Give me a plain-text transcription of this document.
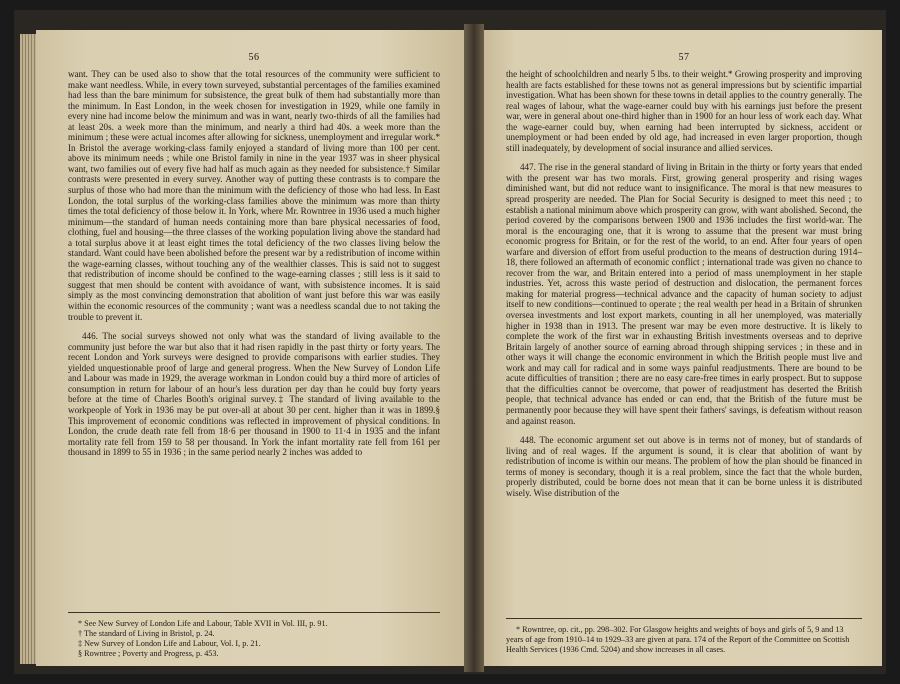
56

want. They can be used also to show that the total resources of the community were sufficient to make want needless. While, in every town surveyed, substantial percentages of the families examined had less than the bare minimum for subsistence, the great bulk of them had substantially more than the minimum. In East London, in the week chosen for investigation in 1929, while one family in every nine had income below the minimum and was in want, nearly two-thirds of all the families had at least 20s. a week more than the minimum, and nearly a third had 40s. a week more than the minimum ; these were actual incomes after allowing for sickness, unemployment and irregular work.* In Bristol the average working-class family enjoyed a standard of living more than 100 per cent. above its minimum needs ; while one Bristol family in nine in the year 1937 was in sheer physical want, two families out of every five had half as much again as they needed for subsistence.† Similar contrasts were presented in every survey. Another way of putting these contrasts is to compare the surplus of those who had more than the minimum with the deficiency of those who had less. In East London, the total surplus of the working-class families above the minimum was more than thirty times the total deficiency of those below it. In York, where Mr. Rowntree in 1936 used a much higher minimum—the standard of human needs containing more than bare physical necessaries of food, clothing, fuel and housing—the three classes of the working population living above the standard had a total surplus above it at least eight times the total deficiency of the two classes living below the standard. Want could have been abolished before the present war by a redistribution of income within the wage-earning classes, without touching any of the wealthier classes. This is said not to suggest that redistribution of income should be confined to the wage-earning classes ; still less is it said to suggest that men should be content with avoidance of want, with subsistence incomes. It is said simply as the most convincing demonstration that abolition of want just before this war was easily within the economic resources of the community ; want was a needless scandal due to not taking the trouble to prevent it.

446. The social surveys showed not only what was the standard of living available to the community just before the war but also that it had risen rapidly in the past thirty or forty years. The recent London and York surveys were designed to provide comparisons with earlier studies. They yielded unquestionable proof of large and general progress. When the New Survey of London Life and Labour was made in 1929, the average workman in London could buy a third more of articles of consumption in return for labour of an hour's less duration per day than he could buy forty years before at the time of Charles Booth's original survey.‡ The standard of living available to the workpeople of York in 1936 may be put over-all at about 30 per cent. higher than it was in 1899.§ This improvement of economic conditions was reflected in improvement of physical conditions. In London, the crude death rate fell from 18·6 per thousand in 1900 to 11·4 in 1935 and the infant mortality rate fell from 159 to 58 per thousand. In York the infant mortality rate fell from 161 per thousand in 1899 to 55 in 1936 ; in the same period nearly 2 inches was added to

* See New Survey of London Life and Labour, Table XVII in Vol. III, p. 91.

† The standard of Living in Bristol, p. 24.

‡ New Survey of London Life and Labour, Vol. I, p. 21.

§ Rowntree ; Poverty and Progress, p. 453.

57

the height of schoolchildren and nearly 5 lbs. to their weight.* Growing prosperity and improving health are facts established for these towns not as general impressions but by scientific impartial investigation. What has been shown for these towns in detail applies to the country generally. The real wages of labour, what the wage-earner could buy with his earnings just before the present war, were in general about one-third higher than in 1900 for an hour less of work each day. What the wage-earner could buy, when earning had been interrupted by sickness, accident or unemployment or had been ended by old age, had increased in even larger proportion, though still inadequately, by development of social insurance and allied services.

447. The rise in the general standard of living in Britain in the thirty or forty years that ended with the present war has two morals. First, growing general prosperity and rising wages diminished want, but did not reduce want to insignificance. The moral is that new measures to spread prosperity are needed. The Plan for Social Security is designed to meet this need ; to establish a national minimum above which prosperity can grow, with want abolished. Second, the period covered by the comparisons between 1900 and 1936 includes the first world-war. The moral is the encouraging one, that it is wrong to assume that the present war must bring economic progress for Britain, or for the rest of the world, to an end. After four years of open warfare and diversion of effort from useful production to the means of destruction during 1914–18, there followed an aftermath of economic conflict ; international trade was given no chance to recover from the war, and Britain entered into a period of mass unemployment in her staple industries. Yet, across this waste period of destruction and dislocation, the permanent forces making for material progress—technical advance and the capacity of human society to adjust itself to new conditions—continued to operate ; the real wealth per head in a Britain of shrunken oversea investments and lost export markets, counting in all her unemployed, was materially higher in 1938 than in 1913. The present war may be even more destructive. It is likely to complete the work of the first war in exhausting British investments overseas and to deprive Britain largely of another source of earning abroad through shipping services ; in these and in other ways it will change the economic environment in which the British people must live and work and may call for radical and in some ways painful readjustments. There are bound to be acute difficulties of transition ; there are no easy care-free times in early prospect. But to suppose that the difficulties cannot be overcome, that power of readjustment has deserted the British people, that technical advance has ended or can end, that the British of the future must be permanently poor because they will have spent their fathers' savings, is defeatism without reason and against reason.

448. The economic argument set out above is in terms not of money, but of standards of living and of real wages. If the argument is sound, it is clear that abolition of want by redistribution of income is within our means. The problem of how the plan should be financed in terms of money is secondary, though it is a real problem, since the fact that the whole burden, properly distributed, could be borne does not mean that it can be borne unless it is distributed wisely. Wise distribution of the

* Rowntree, op. cit., pp. 298–302. For Glasgow heights and weights of boys and girls of 5, 9 and 13 years of age from 1910–14 to 1929–33 are given at para. 174 of the Report of the Committee on Scottish Health Services (1936 Cmd. 5204) and show increases in all cases.
